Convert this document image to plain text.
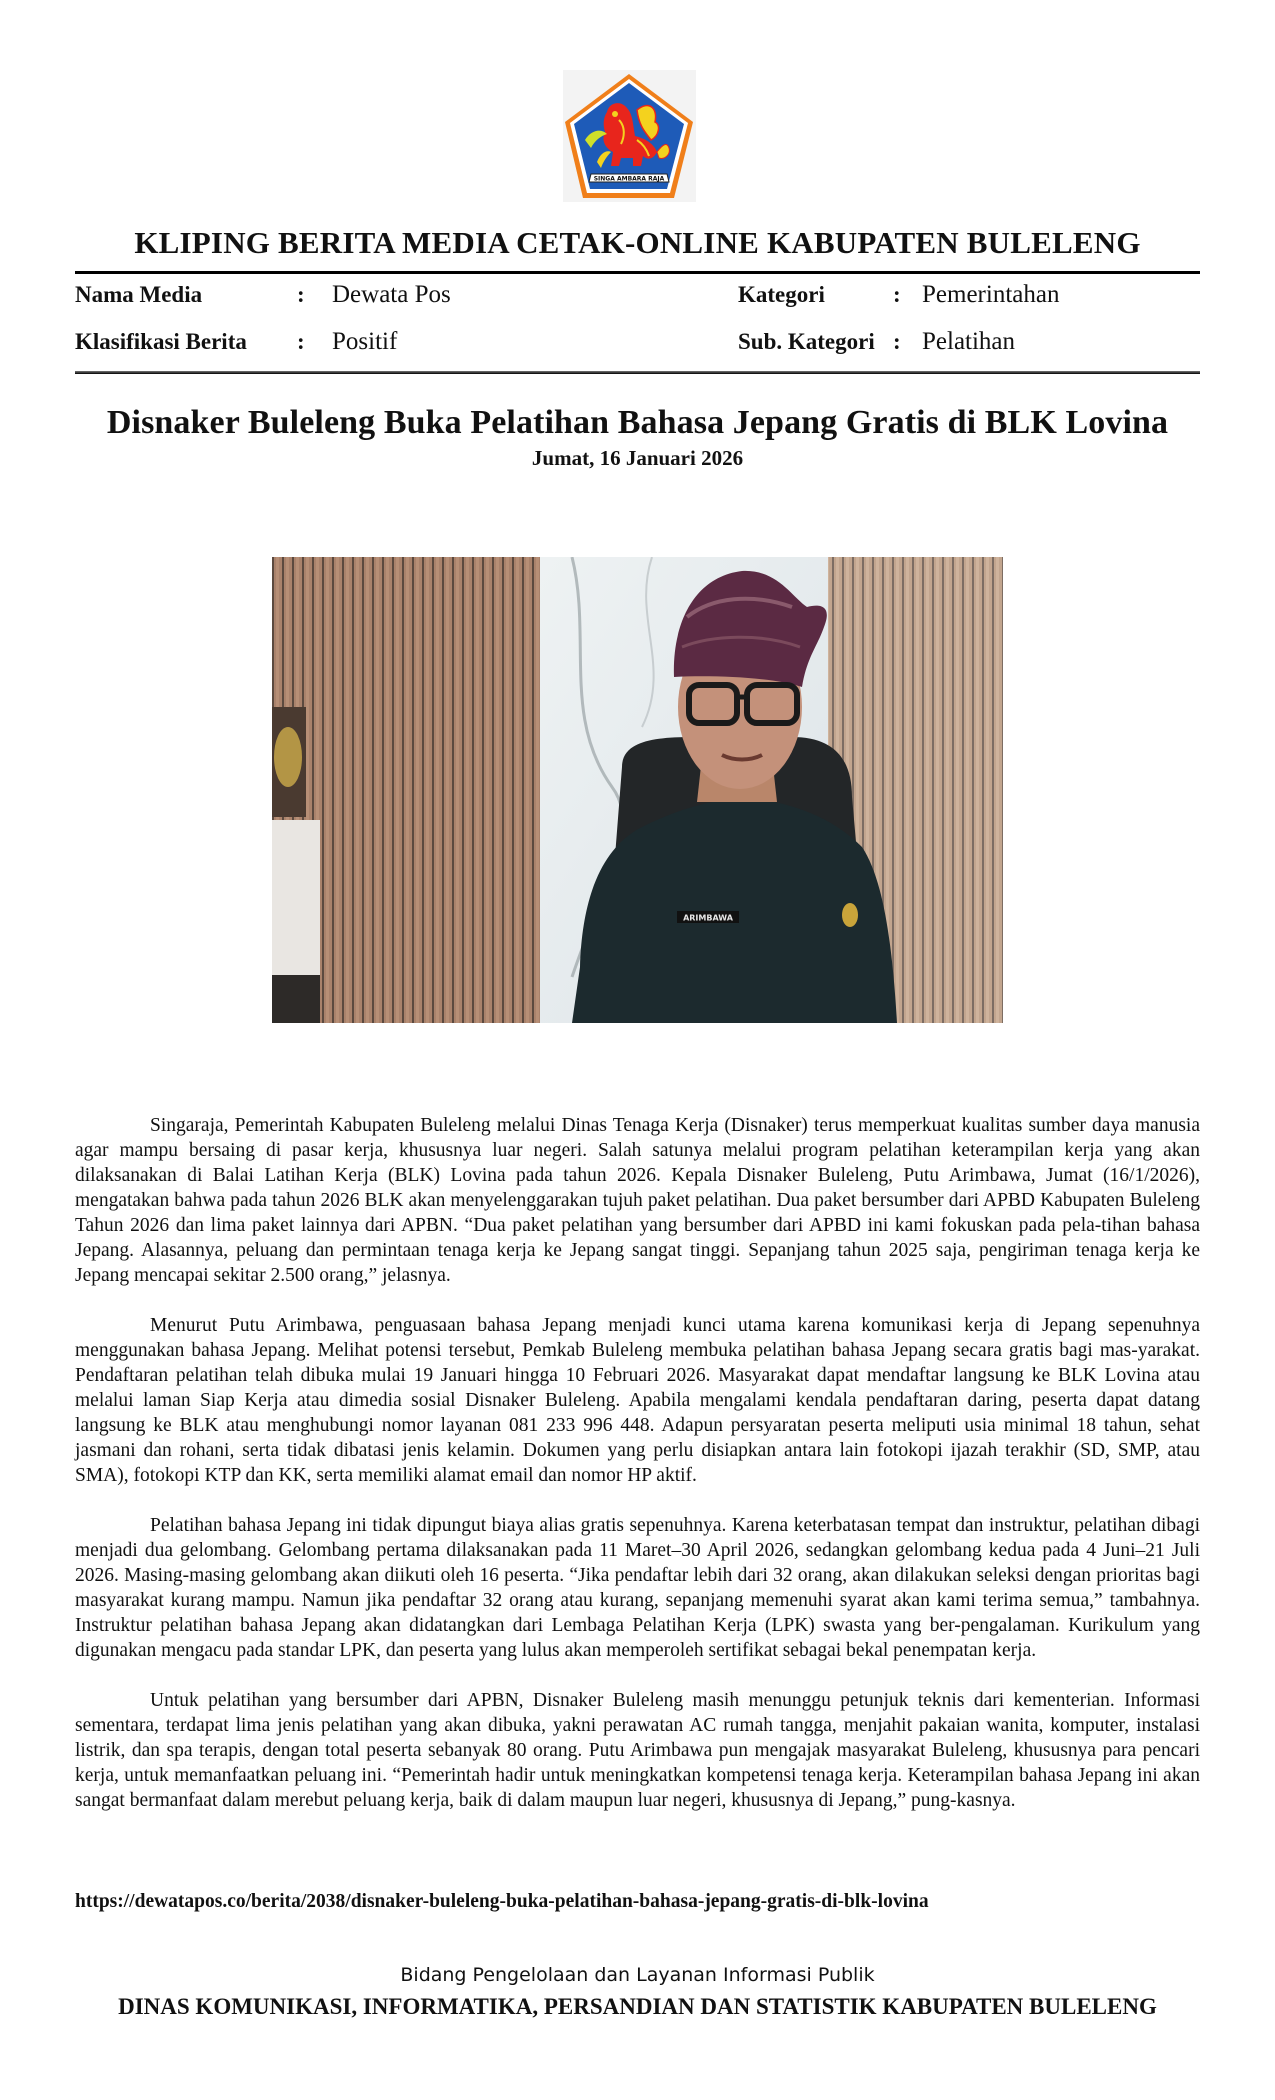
SINGA AMBARA RAJA
KLIPING BERITA MEDIA CETAK-ONLINE KABUPATEN BULELENG
Nama Media	: Dewata Pos	Kategori	: Pemerintahan
Klasifikasi Berita : Positif	Sub. Kategori : Pelatihan
Disnaker Buleleng Buka Pelatihan Bahasa Jepang Gratis di BLK Lovina
Jumat, 16 Januari 2026
ARIMBAWA

Singaraja, Pemerintah Kabupaten Buleleng melalui Dinas Tenaga Kerja (Disnaker) terus memperkuat kualitas sumber daya manusia agar mampu bersaing di pasar kerja, khususnya luar negeri. Salah satunya melalui program pelatihan keterampilan kerja yang akan dilaksanakan di Balai Latihan Kerja (BLK) Lovina pada tahun 2026. Kepala Disnaker Buleleng, Putu Arimbawa, Jumat (16/1/2026), mengatakan bahwa pada tahun 2026 BLK akan menyelenggarakan tujuh paket pelatihan. Dua paket bersumber dari APBD Kabupaten Buleleng Tahun 2026 dan lima paket lainnya dari APBN. “Dua paket pelatihan yang bersumber dari APBD ini kami fokuskan pada pela-tihan bahasa Jepang. Alasannya, peluang dan permintaan tenaga kerja ke Jepang sangat tinggi. Sepanjang tahun 2025 saja, pengiriman tenaga kerja ke Jepang mencapai sekitar 2.500 orang,” jelasnya.

Menurut Putu Arimbawa, penguasaan bahasa Jepang menjadi kunci utama karena komunikasi kerja di Jepang sepenuhnya menggunakan bahasa Jepang. Melihat potensi tersebut, Pemkab Buleleng membuka pelatihan bahasa Jepang secara gratis bagi mas-yarakat. Pendaftaran pelatihan telah dibuka mulai 19 Januari hingga 10 Februari 2026. Masyarakat dapat mendaftar langsung ke BLK Lovina atau melalui laman Siap Kerja atau dimedia sosial Disnaker Buleleng. Apabila mengalami kendala pendaftaran daring, peserta dapat datang langsung ke BLK atau menghubungi nomor layanan 081 233 996 448. Adapun persyaratan peserta meliputi usia minimal 18 tahun, sehat jasmani dan rohani, serta tidak dibatasi jenis kelamin. Dokumen yang perlu disiapkan antara lain fotokopi ijazah terakhir (SD, SMP, atau SMA), fotokopi KTP dan KK, serta memiliki alamat email dan nomor HP aktif.

Pelatihan bahasa Jepang ini tidak dipungut biaya alias gratis sepenuhnya. Karena keterbatasan tempat dan instruktur, pelatihan dibagi menjadi dua gelombang. Gelombang pertama dilaksanakan pada 11 Maret–30 April 2026, sedangkan gelombang kedua pada 4 Juni–21 Juli 2026. Masing-masing gelombang akan diikuti oleh 16 peserta. “Jika pendaftar lebih dari 32 orang, akan dilakukan seleksi dengan prioritas bagi masyarakat kurang mampu. Namun jika pendaftar 32 orang atau kurang, sepanjang memenuhi syarat akan kami terima semua,” tambahnya. Instruktur pelatihan bahasa Jepang akan didatangkan dari Lembaga Pelatihan Kerja (LPK) swasta yang ber-pengalaman. Kurikulum yang digunakan mengacu pada standar LPK, dan peserta yang lulus akan memperoleh sertifikat sebagai bekal penempatan kerja.

Untuk pelatihan yang bersumber dari APBN, Disnaker Buleleng masih menunggu petunjuk teknis dari kementerian. Informasi sementara, terdapat lima jenis pelatihan yang akan dibuka, yakni perawatan AC rumah tangga, menjahit pakaian wanita, komputer, instalasi listrik, dan spa terapis, dengan total peserta sebanyak 80 orang. Putu Arimbawa pun mengajak masyarakat Buleleng, khususnya para pencari kerja, untuk memanfaatkan peluang ini. “Pemerintah hadir untuk meningkatkan kompetensi tenaga kerja. Keterampilan bahasa Jepang ini akan sangat bermanfaat dalam merebut peluang kerja, baik di dalam maupun luar negeri, khususnya di Jepang,” pung-kasnya.

https://dewatapos.co/berita/2038/disnaker-buleleng-buka-pelatihan-bahasa-jepang-gratis-di-blk-lovina
Bidang Pengelolaan dan Layanan Informasi Publik
DINAS KOMUNIKASI, INFORMATIKA, PERSANDIAN DAN STATISTIK KABUPATEN BULELENG
